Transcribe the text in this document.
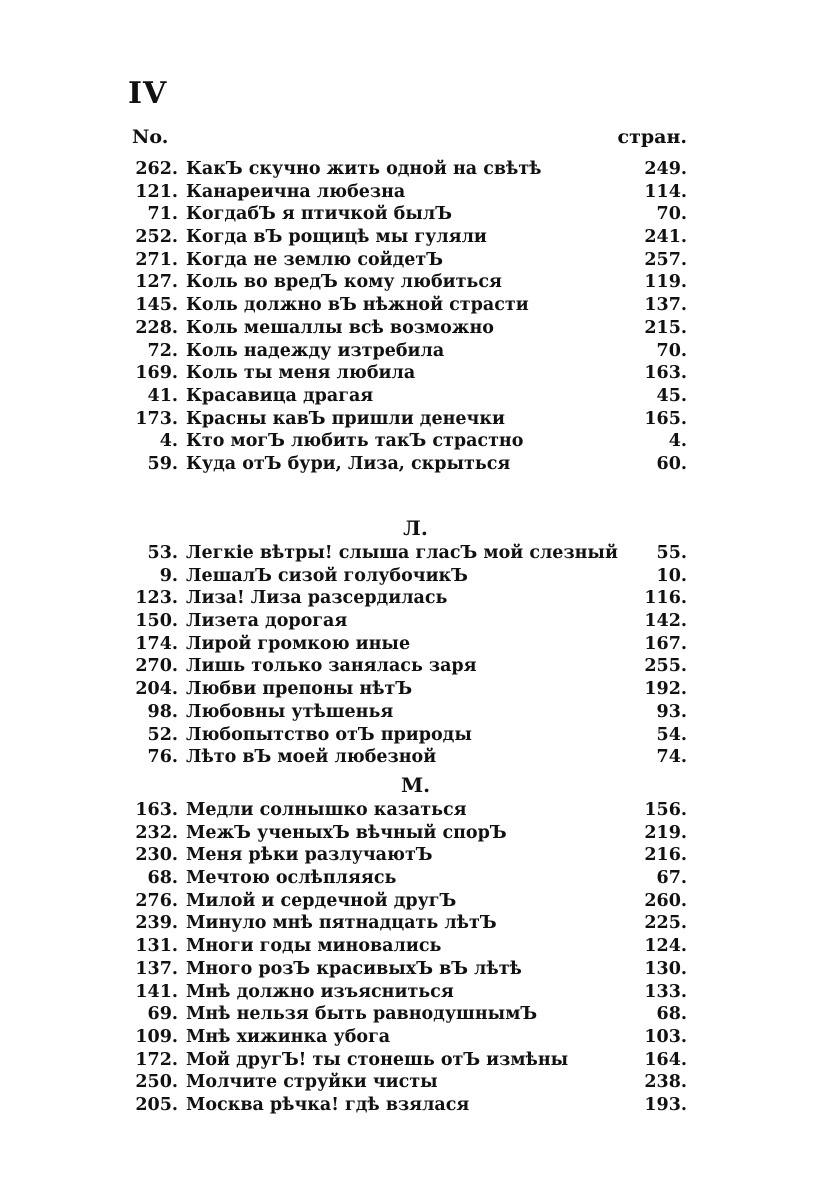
IV
No.	стран.
262. КакЪ скучно жить одной на свѣтѣ	249.
121. Канареична любезна	114.
71. КогдабЪ я птичкой былЪ	70.
252. Когда вЪ рощицѣ мы гуляли	241.
271. Когда не землю сойдетЪ	257.
127. Коль во вредЪ кому любиться	119.
145. Коль должно вЪ нѣжной страсти	137.
228. Коль мешаллы всѣ возможно	215.
72. Коль надежду изтребила	70.
169. Коль ты меня любила	163.
41. Красавица драгая	45.
173. Красны кавЪ пришли денечки	165.
4. Кто могЪ любить такЪ страстно	4.
59. Куда отЪ бури, Лиза, скрыться	60.
Л.
53. Легкіе вѣтры! слыша гласЪ мой слезный	55.
9. ЛешалЪ сизой голубочикЪ	10.
123. Лиза! Лиза разсердилась	116.
150. Лизета дорогая	142.
174. Лирой громкою иные	167.
270. Лишь только занялась заря	255.
204. Любви препоны нѣтЪ	192.
98. Любовны утѣшенья	93.
52. Любопытство отЪ природы	54.
76. Лѣто вЪ моей любезной	74.
М.
163. Медли солнышко казаться	156.
232. МежЪ ученыхЪ вѣчный спорЪ	219.
230. Меня рѣки разлучаютЪ	216.
68. Мечтою ослѣпляясь	67.
276. Милой и сердечной другЪ	260.
239. Минуло мнѣ пятнадцать лѣтЪ	225.
131. Многи годы миновались	124.
137. Много розЪ красивыхЪ вЪ лѣтѣ	130.
141. Мнѣ должно изъясниться	133.
69. Мнѣ нельзя быть равнодушнымЪ	68.
109. Мнѣ хижинка убога	103.
172. Мой другЪ! ты стонешь отЪ измѣны	164.
250. Молчите струйки чисты	238.
205. Москва рѣчка! гдѣ взялася	193.
